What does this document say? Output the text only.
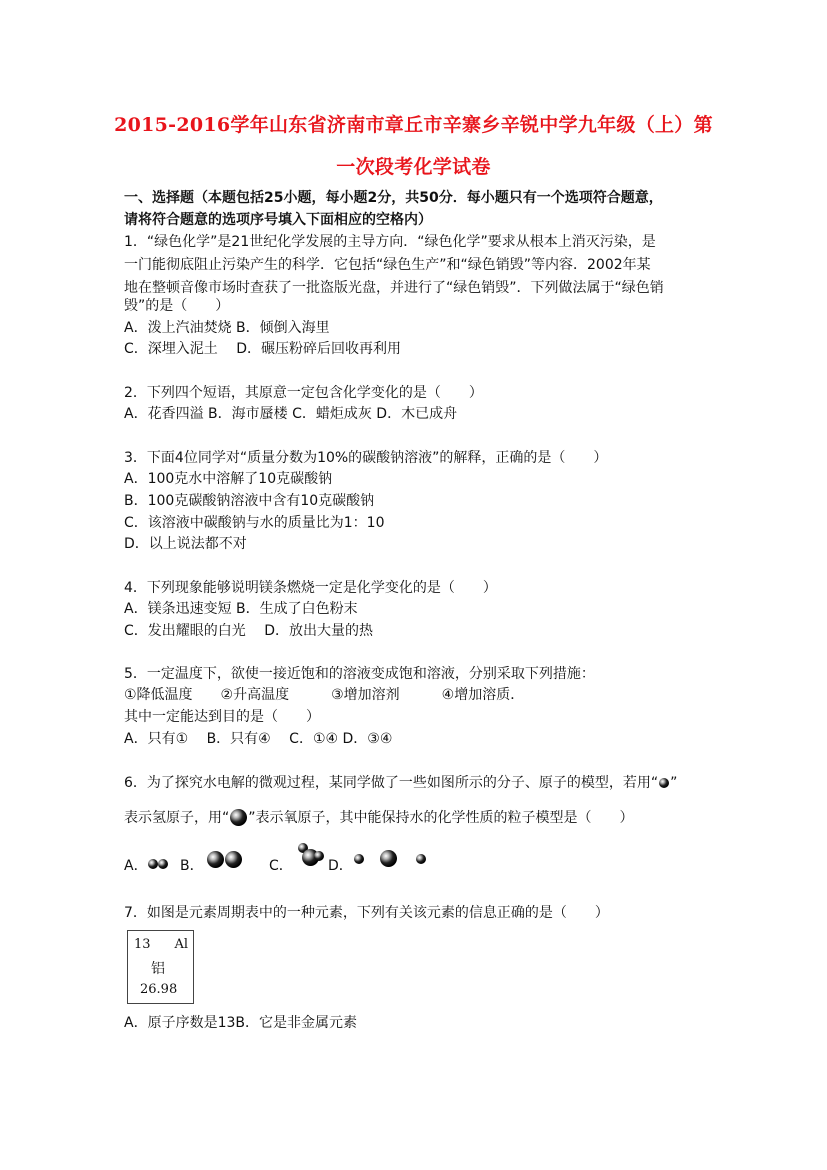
2015-2016学年山东省济南市章丘市辛寨乡辛锐中学九年级（上）第
一次段考化学试卷
一、选择题（本题包括25小题，每小题2分，共50分．每小题只有一个选项符合题意，
请将符合题意的选项序号填入下面相应的空格内）
1．“绿色化学”是21世纪化学发展的主导方向．“绿色化学”要求从根本上消灭污染，是
一门能彻底阻止污染产生的科学．它包括“绿色生产”和“绿色销毁”等内容．2002年某
地在整顿音像市场时查获了一批盗版光盘，并进行了“绿色销毁”．下列做法属于“绿色销
毁”的是（　　）
A．泼上汽油焚烧 B．倾倒入海里
C．深埋入泥土　 D．碾压粉碎后回收再利用
2．下列四个短语，其原意一定包含化学变化的是（　　）
A．花香四溢 B．海市蜃楼 C．蜡炬成灰 D．木已成舟
3．下面4位同学对“质量分数为10%的碳酸钠溶液”的解释，正确的是（　　）
A．100克水中溶解了10克碳酸钠
B．100克碳酸钠溶液中含有10克碳酸钠
C．该溶液中碳酸钠与水的质量比为1：10
D．以上说法都不对
4．下列现象能够说明镁条燃烧一定是化学变化的是（　　）
A．镁条迅速变短 B．生成了白色粉末
C．发出耀眼的白光　 D．放出大量的热
5．一定温度下，欲使一接近饱和的溶液变成饱和溶液，分别采取下列措施：
①降低温度　　②升高温度　　　③增加溶剂　　　④增加溶质．
其中一定能达到目的是（　　）
A．只有①　 B．只有④　 C．①④ D．③④
6．为了探究水电解的微观过程，某同学做了一些如图所示的分子、原子的模型，若用“ ”
表示氢原子，用“ ”表示氧原子，其中能保持水的化学性质的粒子模型是（　　）
A． B．	C．	D．
7．如图是元素周期表中的一种元素，下列有关该元素的信息正确的是（　　）
13 Al
铝
26.98
A．原子序数是13B．它是非金属元素
